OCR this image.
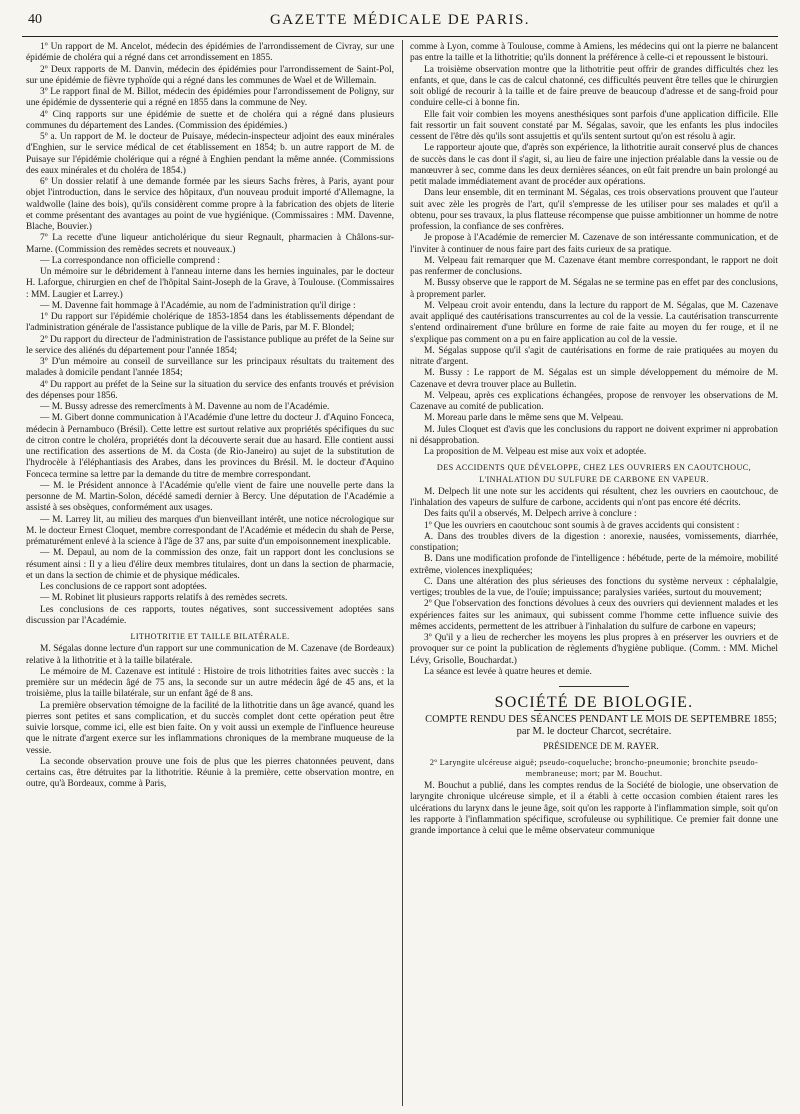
40	GAZETTE MÉDICALE DE PARIS.

1º Un rapport de M. Ancelot, médecin des épidémies de l'arrondissement de Civray, sur une épidémie de choléra qui a régné dans cet arrondissement en 1855.

2º Deux rapports de M. Danvin, médecin des épidémies pour l'arrondissement de Saint-Pol, sur une épidémie de fièvre typhoïde qui a régné dans les communes de Wael et de Willemain.

3º Le rapport final de M. Billot, médecin des épidémies pour l'arrondissement de Poligny, sur une épidémie de dyssenterie qui a régné en 1855 dans la commune de Ney.

4º Cinq rapports sur une épidémie de suette et de choléra qui a régné dans plusieurs communes du département des Landes. (Commission des épidémies.)

5º a. Un rapport de M. le docteur de Puisaye, médecin-inspecteur adjoint des eaux minérales d'Enghien, sur le service médical de cet établissement en 1854; b. un autre rapport de M. de Puisaye sur l'épidémie cholérique qui a régné à Enghien pendant la même année. (Commissions des eaux minérales et du choléra de 1854.)

6º Un dossier relatif à une demande formée par les sieurs Sachs frères, à Paris, ayant pour objet l'introduction, dans le service des hôpitaux, d'un nouveau produit importé d'Allemagne, la waldwolle (laine des bois), qu'ils considèrent comme propre à la fabrication des objets de literie et comme présentant des avantages au point de vue hygiénique. (Commissaires : MM. Davenne, Blache, Bouvier.)

7º La recette d'une liqueur anticholérique du sieur Regnault, pharmacien à Châlons-sur-Marne. (Commission des remèdes secrets et nouveaux.)

— La correspondance non officielle comprend :

Un mémoire sur le débridement à l'anneau interne dans les hernies inguinales, par le docteur H. Laforgue, chirurgien en chef de l'hôpital Saint-Joseph de la Grave, à Toulouse. (Commissaires : MM. Laugier et Larrey.)

— M. Davenne fait hommage à l'Académie, au nom de l'administration qu'il dirige :

1º Du rapport sur l'épidémie cholérique de 1853-1854 dans les établissements dépendant de l'administration générale de l'assistance publique de la ville de Paris, par M. F. Blondel;

2º Du rapport du directeur de l'administration de l'assistance publique au préfet de la Seine sur le service des aliénés du département pour l'année 1854;

3º D'un mémoire au conseil de surveillance sur les principaux résultats du traitement des malades à domicile pendant l'année 1854;

4º Du rapport au préfet de la Seine sur la situation du service des enfants trouvés et prévision des dépenses pour 1856.

— M. Bussy adresse des remercîments à M. Davenne au nom de l'Académie.

— M. Gibert donne communication à l'Académie d'une lettre du docteur J. d'Aquino Fonceca, médecin à Pernambuco (Brésil). Cette lettre est surtout relative aux propriétés spécifiques du suc de citron contre le choléra, propriétés dont la découverte serait due au hasard. Elle contient aussi une rectification des assertions de M. da Costa (de Rio-Janeiro) au sujet de la substitution de l'hydrocèle à l'éléphantiasis des Arabes, dans les provinces du Brésil. M. le docteur d'Aquino Fonceca termine sa lettre par la demande du titre de membre correspondant.

— M. le Président annonce à l'Académie qu'elle vient de faire une nouvelle perte dans la personne de M. Martin-Solon, décédé samedi dernier à Bercy. Une députation de l'Académie a assisté à ses obsèques, conformément aux usages.

— M. Larrey lit, au milieu des marques d'un bienveillant intérêt, une notice nécrologique sur M. le docteur Ernest Cloquet, membre correspondant de l'Académie et médecin du shah de Perse, prématurément enlevé à la science à l'âge de 37 ans, par suite d'un empoisonnement inexplicable.

— M. Depaul, au nom de la commission des onze, fait un rapport dont les conclusions se résument ainsi : Il y a lieu d'élire deux membres titulaires, dont un dans la section de pharmacie, et un dans la section de chimie et de physique médicales.

Les conclusions de ce rapport sont adoptées.

— M. Robinet lit plusieurs rapports relatifs à des remèdes secrets.

Les conclusions de ces rapports, toutes négatives, sont successivement adoptées sans discussion par l'Académie.

LITHOTRITIE ET TAILLE BILATÉRALE.

M. Ségalas donne lecture d'un rapport sur une communication de M. Cazenave (de Bordeaux) relative à la lithotritie et à la taille bilatérale.

Le mémoire de M. Cazenave est intitulé : Histoire de trois lithotrities faites avec succès : la première sur un médecin âgé de 75 ans, la seconde sur un autre médecin âgé de 45 ans, et la troisième, plus la taille bilatérale, sur un enfant âgé de 8 ans.

La première observation témoigne de la facilité de la lithotritie dans un âge avancé, quand les pierres sont petites et sans complication, et du succès complet dont cette opération peut être suivie lorsque, comme ici, elle est bien faite. On y voit aussi un exemple de l'influence heureuse que le nitrate d'argent exerce sur les inflammations chroniques de la membrane muqueuse de la vessie.

La seconde observation prouve une fois de plus que les pierres chatonnées peuvent, dans certains cas, être détruites par la lithotritie. Réunie à la première, cette observation montre, en outre, qu'à Bordeaux, comme à Paris,

comme à Lyon, comme à Toulouse, comme à Amiens, les médecins qui ont la pierre ne balancent pas entre la taille et la lithotritie; qu'ils donnent la préférence à celle-ci et repoussent le bistouri.

La troisième observation montre que la lithotritie peut offrir de grandes difficultés chez les enfants, et que, dans le cas de calcul chatonné, ces difficultés peuvent être telles que le chirurgien soit obligé de recourir à la taille et de faire preuve de beaucoup d'adresse et de sang-froid pour conduire celle-ci à bonne fin.

Elle fait voir combien les moyens anesthésiques sont parfois d'une application difficile. Elle fait ressortir un fait souvent constaté par M. Ségalas, savoir, que les enfants les plus indociles cessent de l'être dès qu'ils sont assujettis et qu'ils sentent surtout qu'on est résolu à agir.

Le rapporteur ajoute que, d'après son expérience, la lithotritie aurait conservé plus de chances de succès dans le cas dont il s'agit, si, au lieu de faire une injection préalable dans la vessie ou de manœuvrer à sec, comme dans les deux dernières séances, on eût fait prendre un bain prolongé au petit malade immédiatement avant de procéder aux opérations.

Dans leur ensemble, dit en terminant M. Ségalas, ces trois observations prouvent que l'auteur suit avec zèle les progrès de l'art, qu'il s'empresse de les utiliser pour ses malades et qu'il a obtenu, pour ses travaux, la plus flatteuse récompense que puisse ambitionner un homme de notre profession, la confiance de ses confrères.

Je propose à l'Académie de remercier M. Cazenave de son intéressante communication, et de l'inviter à continuer de nous faire part des faits curieux de sa pratique.

M. Velpeau fait remarquer que M. Cazenave étant membre correspondant, le rapport ne doit pas renfermer de conclusions.

M. Bussy observe que le rapport de M. Ségalas ne se termine pas en effet par des conclusions, à proprement parler.

M. Velpeau croit avoir entendu, dans la lecture du rapport de M. Ségalas, que M. Cazenave avait appliqué des cautérisations transcurrentes au col de la vessie. La cautérisation transcurrente s'entend ordinairement d'une brûlure en forme de raie faite au moyen du fer rouge, et il ne s'explique pas comment on a pu en faire application au col de la vessie.

M. Ségalas suppose qu'il s'agit de cautérisations en forme de raie pratiquées au moyen du nitrate d'argent.

M. Bussy : Le rapport de M. Ségalas est un simple développement du mémoire de M. Cazenave et devra trouver place au Bulletin.

M. Velpeau, après ces explications échangées, propose de renvoyer les observations de M. Cazenave au comité de publication.

M. Moreau parle dans le même sens que M. Velpeau.

M. Jules Cloquet est d'avis que les conclusions du rapport ne doivent exprimer ni approbation ni désapprobation.

La proposition de M. Velpeau est mise aux voix et adoptée.

DES ACCIDENTS QUE DÉVELOPPE, CHEZ LES OUVRIERS EN CAOUTCHOUC, L'INHALATION DU SULFURE DE CARBONE EN VAPEUR.

M. Delpech lit une note sur les accidents qui résultent, chez les ouvriers en caoutchouc, de l'inhalation des vapeurs de sulfure de carbone, accidents qui n'ont pas encore été décrits.

Des faits qu'il a observés, M. Delpech arrive à conclure :

1º Que les ouvriers en caoutchouc sont soumis à de graves accidents qui consistent :

A. Dans des troubles divers de la digestion : anorexie, nausées, vomissements, diarrhée, constipation;

B. Dans une modification profonde de l'intelligence : hébétude, perte de la mémoire, mobilité extrême, violences inexpliquées;

C. Dans une altération des plus sérieuses des fonctions du système nerveux : céphalalgie, vertiges; troubles de la vue, de l'ouïe; impuissance; paralysies variées, surtout du mouvement;

2º Que l'observation des fonctions dévolues à ceux des ouvriers qui deviennent malades et les expériences faites sur les animaux, qui subissent comme l'homme cette influence suivie des mêmes accidents, permettent de les attribuer à l'inhalation du sulfure de carbone en vapeurs;

3º Qu'il y a lieu de rechercher les moyens les plus propres à en préserver les ouvriers et de provoquer sur ce point la publication de règlements d'hygiène publique. (Comm. : MM. Michel Lévy, Grisolle, Bouchardat.)

La séance est levée à quatre heures et demie.

SOCIÉTÉ DE BIOLOGIE.

COMPTE RENDU DES SÉANCES PENDANT LE MOIS DE SEPTEMBRE 1855; par M. le docteur Charcot, secrétaire.

PRÉSIDENCE DE M. RAYER.

2º Laryngite ulcéreuse aiguë; pseudo-coqueluche; broncho-pneumonie; bronchite pseudo-membraneuse; mort; par M. Bouchut.

M. Bouchut a publié, dans les comptes rendus de la Société de biologie, une observation de laryngite chronique ulcéreuse simple, et il a établi à cette occasion combien étaient rares les ulcérations du larynx dans le jeune âge, soit qu'on les rapporte à l'inflammation simple, soit qu'on les rapporte à l'inflammation spécifique, scrofuleuse ou syphilitique. Ce premier fait donne une grande importance à celui que le même observateur communique
